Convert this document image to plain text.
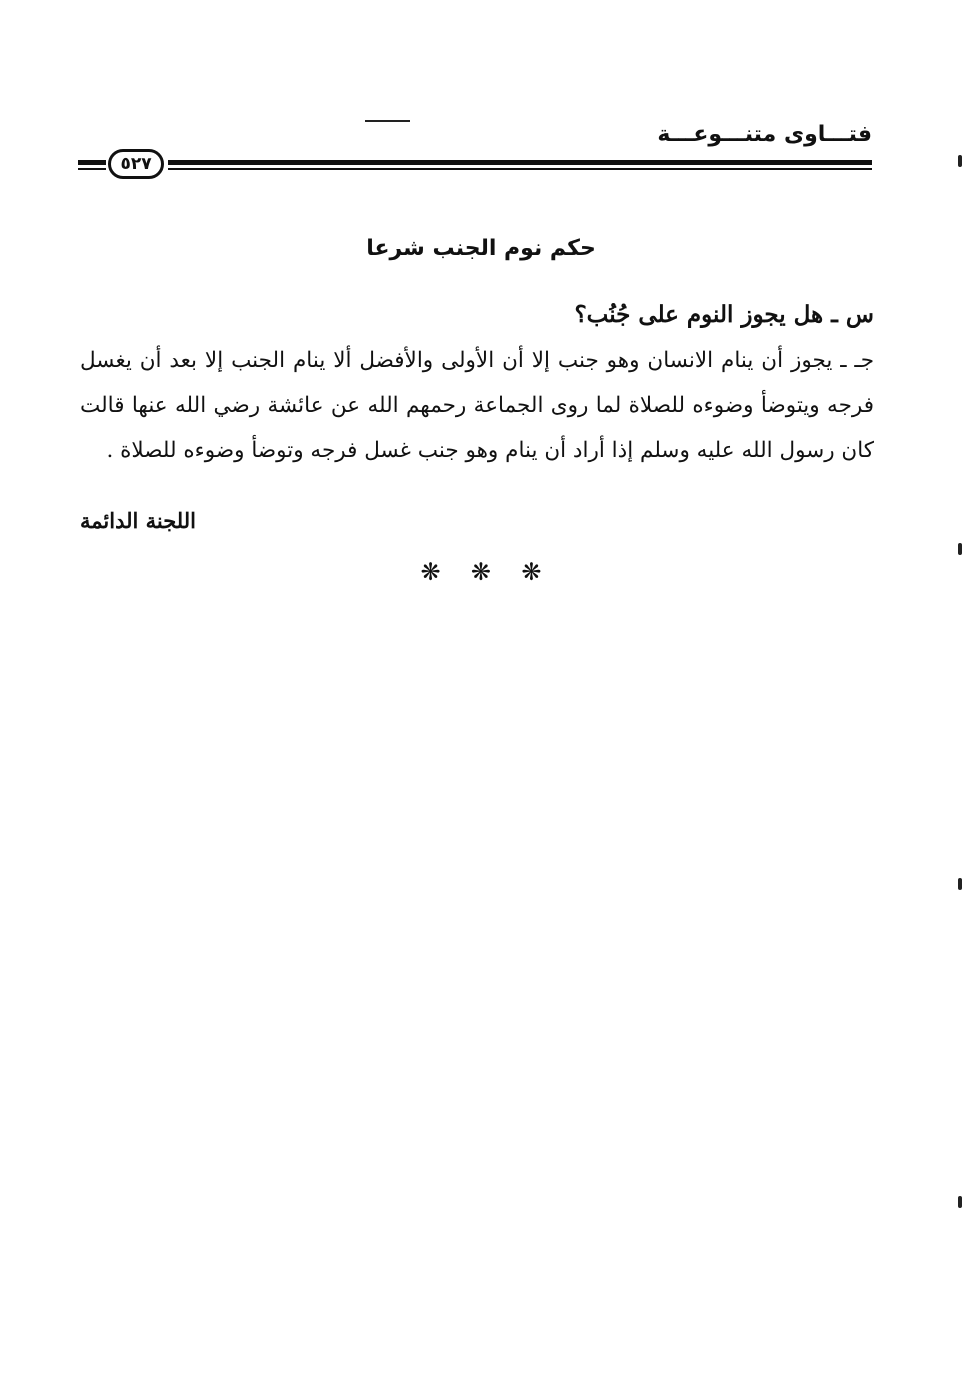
فتـــاوى متنـــوعـــة
٥٢٧
حكم نوم الجنب شرعا
س ـ هل يجوز النوم على جُنُب؟
جـ ـ يجوز أن ينام الانسان وهو جنب إلا أن الأولى والأفضل ألا ينام الجنب إلا بعد أن يغسل فرجه ويتوضأ وضوءه للصلاة لما روى الجماعة رحمهم الله عن عائشة رضي الله عنها قالت كان رسول الله عليه وسلم إذا أراد أن ينام وهو جنب غسل فرجه وتوضأ وضوءه للصلاة .
اللجنة الدائمة
❋ ❋ ❋
